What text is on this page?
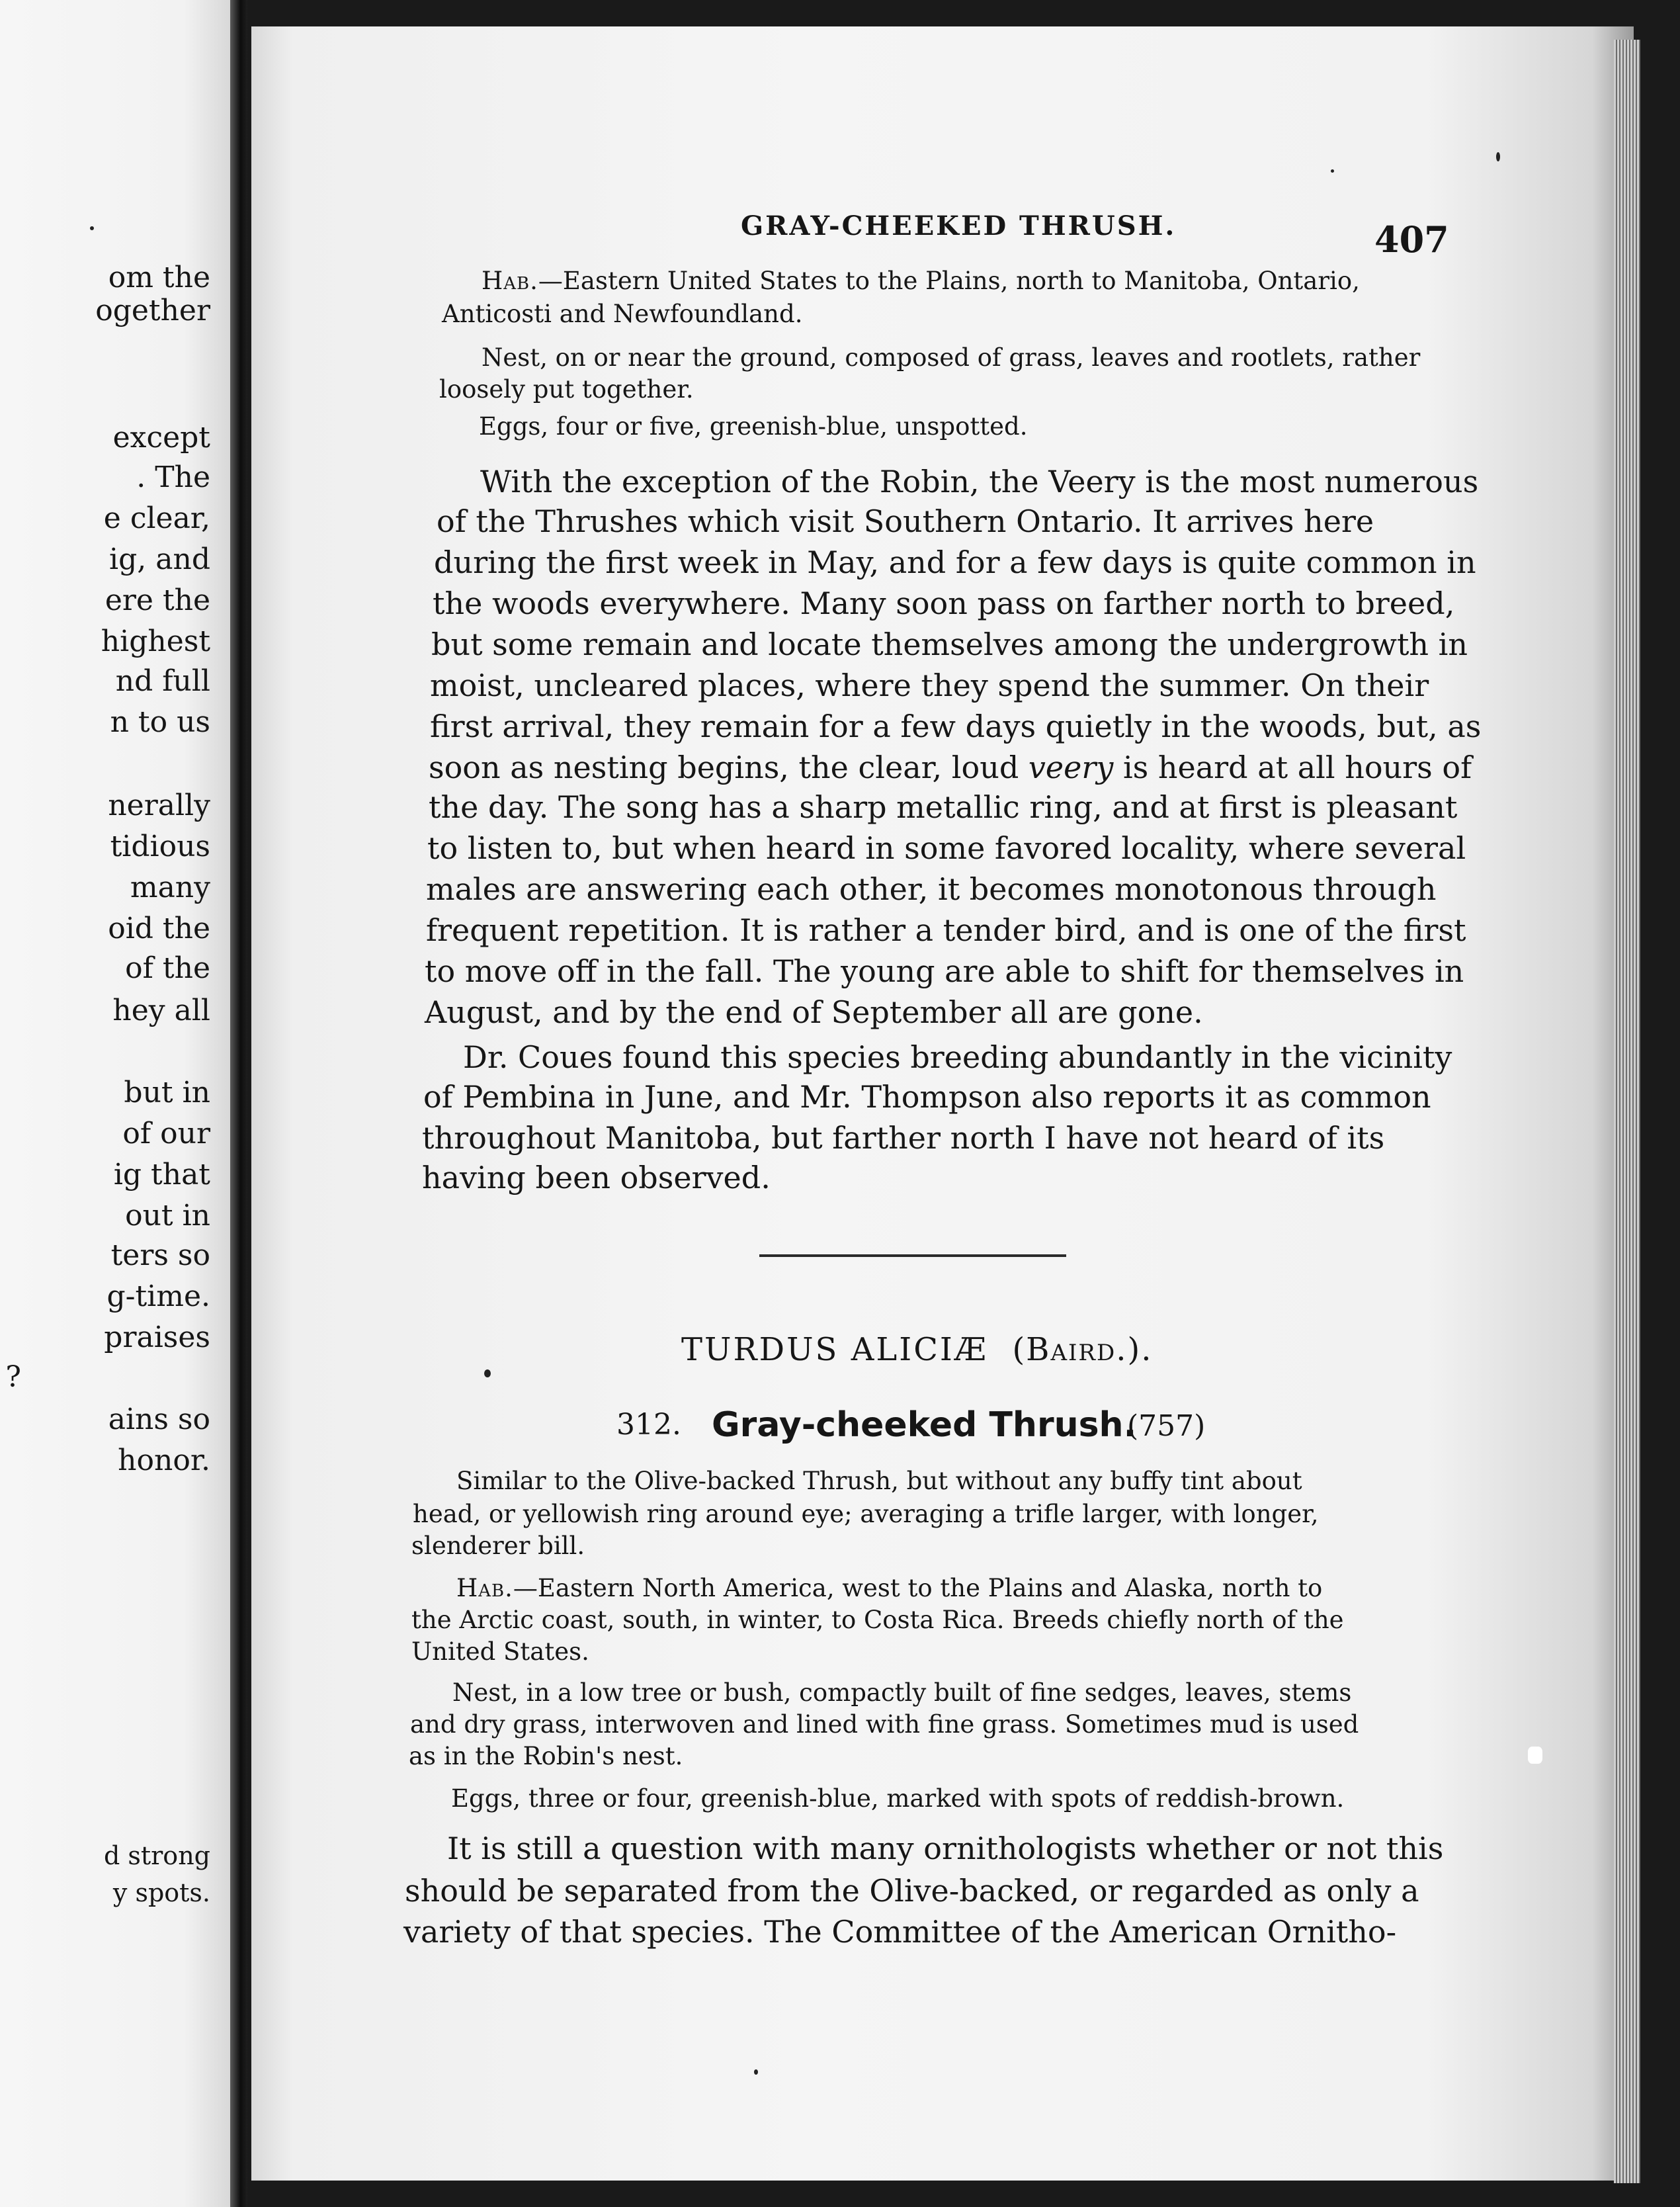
om the
ogether
except
. The
e clear,
ig, and
ere the
highest
nd full
n to us
nerally
tidious
many
oid the
of the
hey all
but in
of our
ig that
out in
ters so
g-time.
praises
?
ains so
honor.
d strong
y spots.
GRAY-CHEEKED THRUSH.	407
Hab.—Eastern United States to the Plains, north to Manitoba, Ontario,
Anticosti and Newfoundland.
Nest, on or near the ground, composed of grass, leaves and rootlets, rather
loosely put together.
Eggs, four or five, greenish-blue, unspotted.
With the exception of the Robin, the Veery is the most numerous
of the Thrushes which visit Southern Ontario. It arrives here
during the first week in May, and for a few days is quite common in
the woods everywhere. Many soon pass on farther north to breed,
but some remain and locate themselves among the undergrowth in
moist, uncleared places, where they spend the summer. On their
first arrival, they remain for a few days quietly in the woods, but, as
soon as nesting begins, the clear, loud veery is heard at all hours of
the day. The song has a sharp metallic ring, and at first is pleasant
to listen to, but when heard in some favored locality, where several
males are answering each other, it becomes monotonous through
frequent repetition. It is rather a tender bird, and is one of the first
to move off in the fall. The young are able to shift for themselves in
August, and by the end of September all are gone.
Dr. Coues found this species breeding abundantly in the vicinity
of Pembina in June, and Mr. Thompson also reports it as common
throughout Manitoba, but farther north I have not heard of its
having been observed.
TURDUS ALICIÆ (Baird.).
312. Gray-cheeked Thrush.
(757)
Similar to the Olive-backed Thrush, but without any buffy tint about
head, or yellowish ring around eye; averaging a trifle larger, with longer,
slenderer bill.
Hab.—Eastern North America, west to the Plains and Alaska, north to
the Arctic coast, south, in winter, to Costa Rica. Breeds chiefly north of the
United States.
Nest, in a low tree or bush, compactly built of fine sedges, leaves, stems
and dry grass, interwoven and lined with fine grass. Sometimes mud is used
as in the Robin's nest.
Eggs, three or four, greenish-blue, marked with spots of reddish-brown.
It is still a question with many ornithologists whether or not this
should be separated from the Olive-backed, or regarded as only a
variety of that species. The Committee of the American Ornitho-
